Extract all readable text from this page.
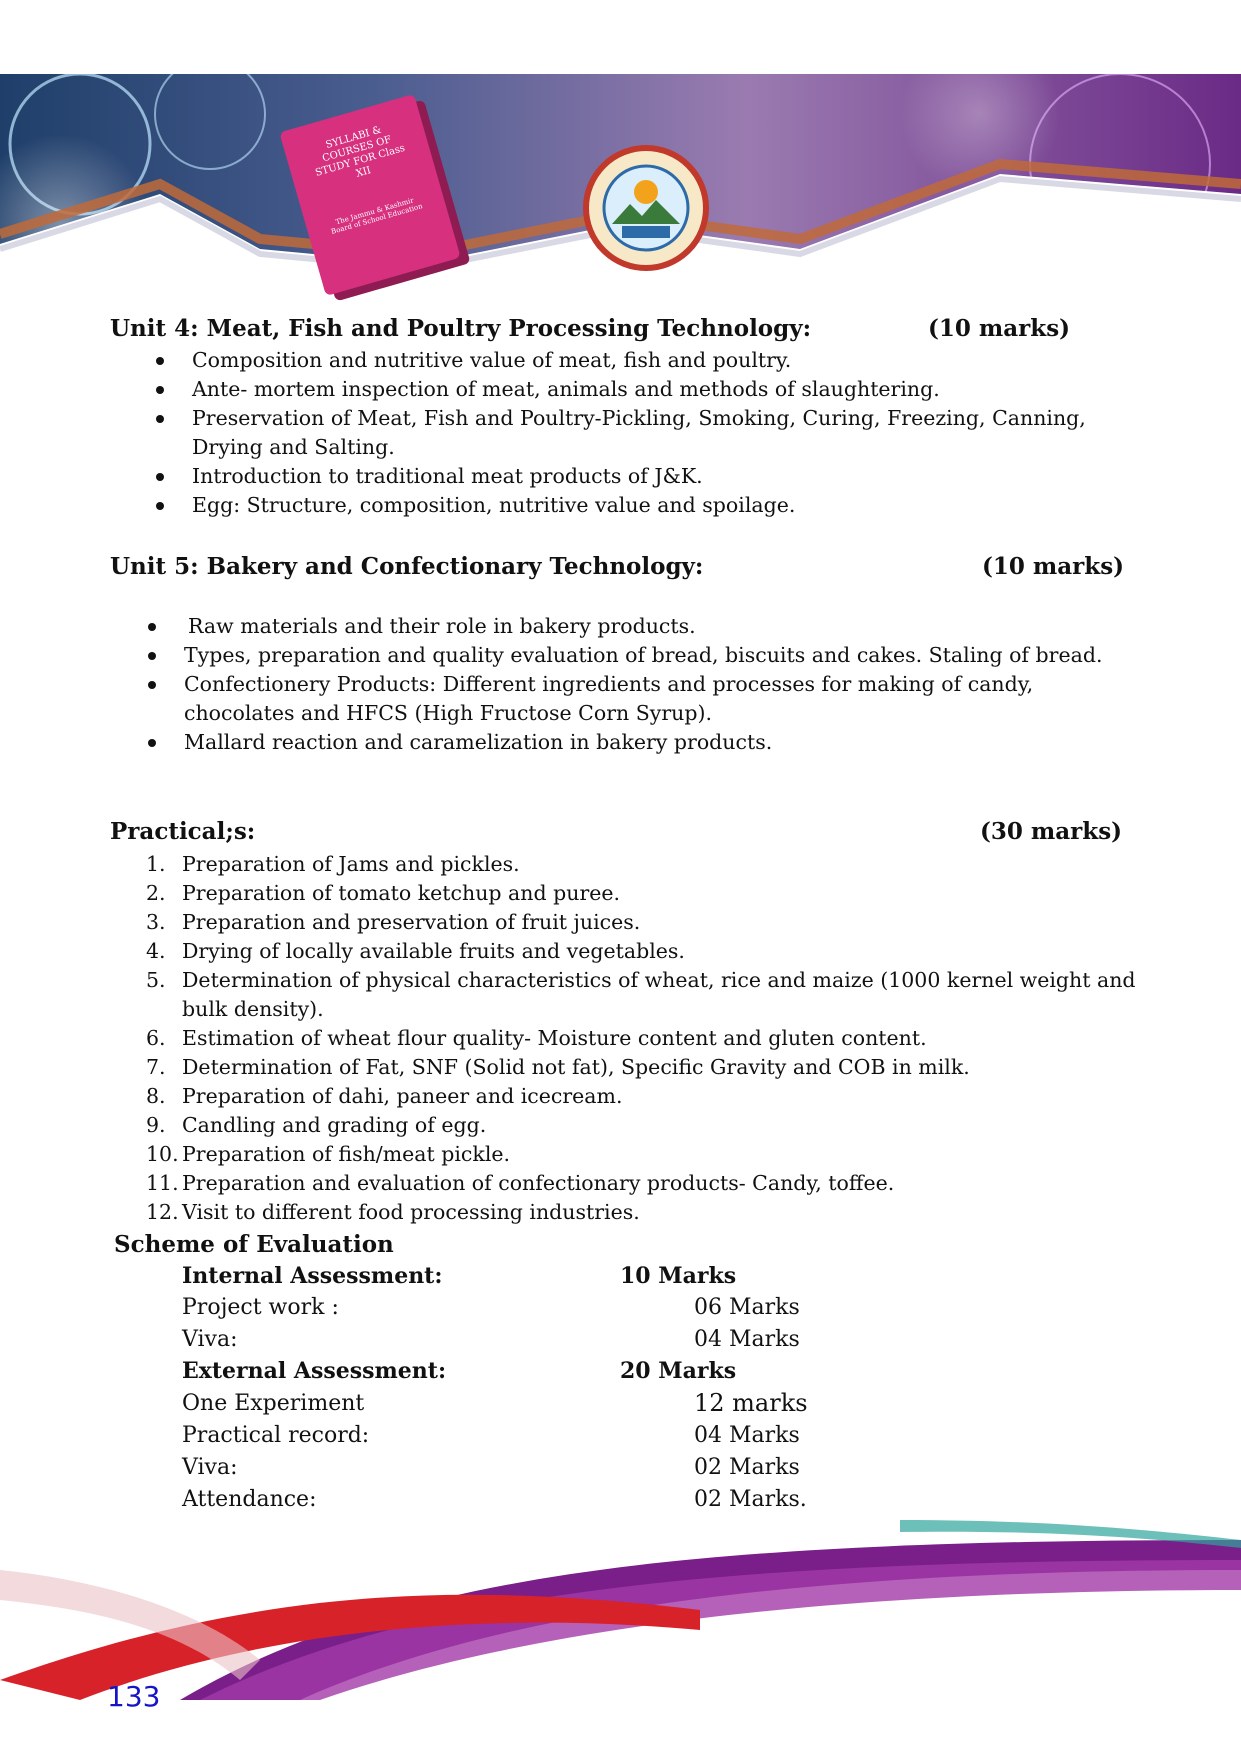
SYLLABI & COURSES OF STUDY FOR Class XII
The Jammu & Kashmir Board of School Education
Unit 4: Meat, Fish and Poultry Processing Technology:	(10 marks)
Composition and nutritive value of meat, fish and poultry.
Ante- mortem inspection of meat, animals and methods of slaughtering.
Preservation of Meat, Fish and Poultry-Pickling, Smoking, Curing, Freezing, Canning,
Drying and Salting.
Introduction to traditional meat products of J&K.
Egg: Structure, composition, nutritive value and spoilage.
Unit 5: Bakery and Confectionary Technology:	(10 marks)
Raw materials and their role in bakery products.
Types, preparation and quality evaluation of bread, biscuits and cakes. Staling of bread.
Confectionery Products: Different ingredients and processes for making of candy,
chocolates and HFCS (High Fructose Corn Syrup).
Mallard reaction and caramelization in bakery products.
Practical;s:	(30 marks)
1. Preparation of Jams and pickles.
2. Preparation of tomato ketchup and puree.
3. Preparation and preservation of fruit juices.
4. Drying of locally available fruits and vegetables.
5. Determination of physical characteristics of wheat, rice and maize (1000 kernel weight and
bulk density).
6. Estimation of wheat flour quality- Moisture content and gluten content.
7. Determination of Fat, SNF (Solid not fat), Specific Gravity and COB in milk.
8. Preparation of dahi, paneer and icecream.
9. Candling and grading of egg.
10. Preparation of fish/meat pickle.
11. Preparation and evaluation of confectionary products- Candy, toffee.
12. Visit to different food processing industries.
Scheme of Evaluation
Internal Assessment:	10 Marks
Project work :	06 Marks
Viva:	04 Marks
External Assessment:	20 Marks
One Experiment	12 marks
Practical record:	04 Marks
Viva:	02 Marks
Attendance:	02 Marks.
133
